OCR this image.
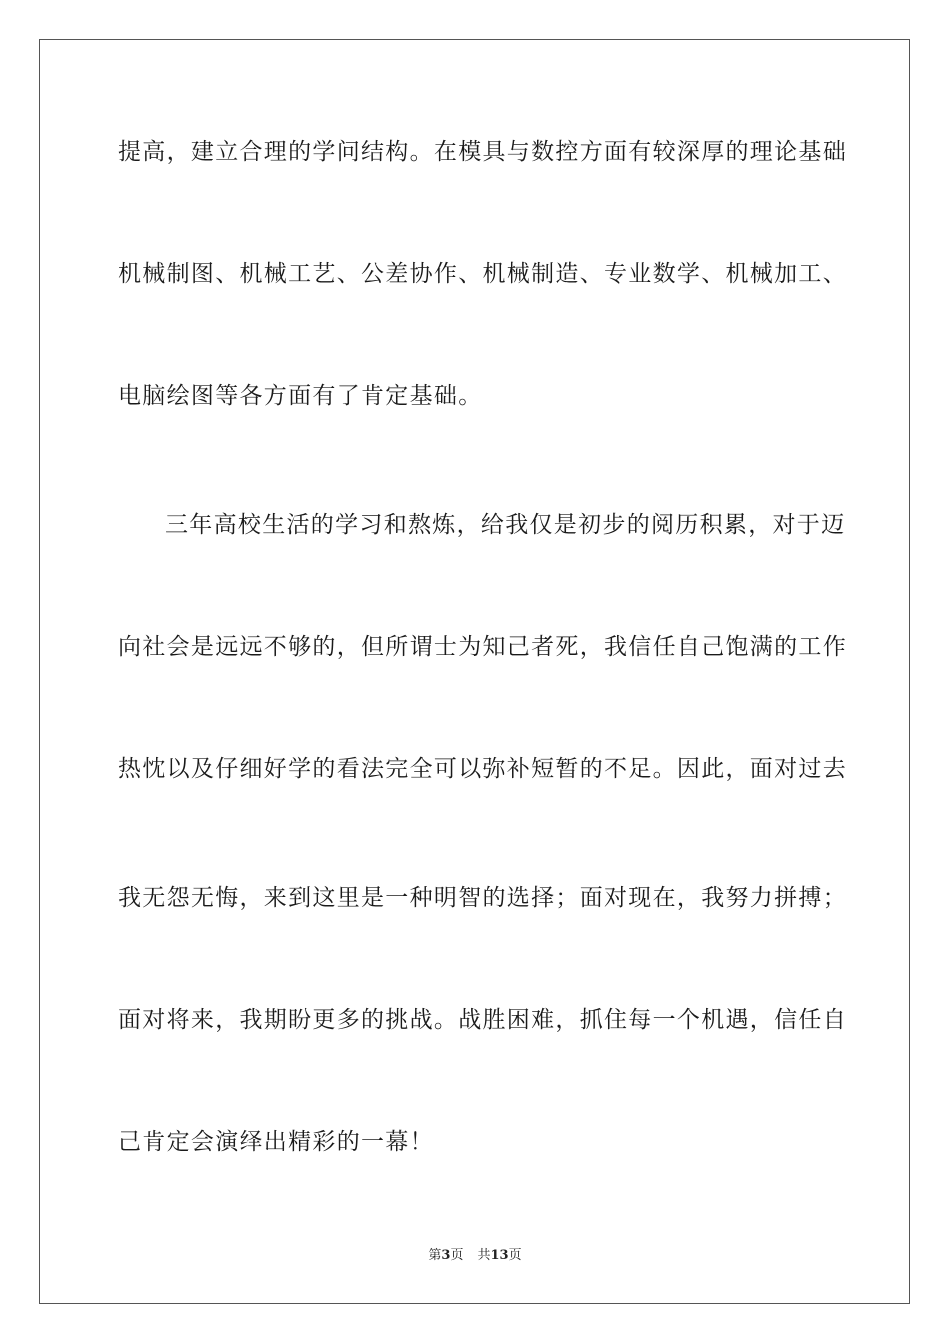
提高，建立合理的学问结构。在模具与数控方面有较深厚的理论基础
机械制图、机械工艺、公差协作、机械制造、专业数学、机械加工、
电脑绘图等各方面有了肯定基础。
三年高校生活的学习和熬炼，给我仅是初步的阅历积累，对于迈
向社会是远远不够的，但所谓士为知己者死，我信任自己饱满的工作
热忱以及仔细好学的看法完全可以弥补短暂的不足。因此，面对过去
我无怨无悔，来到这里是一种明智的选择；面对现在，我努力拼搏；
面对将来，我期盼更多的挑战。战胜困难，抓住每一个机遇，信任自
己肯定会演绎出精彩的一幕！
第3页 共13页
